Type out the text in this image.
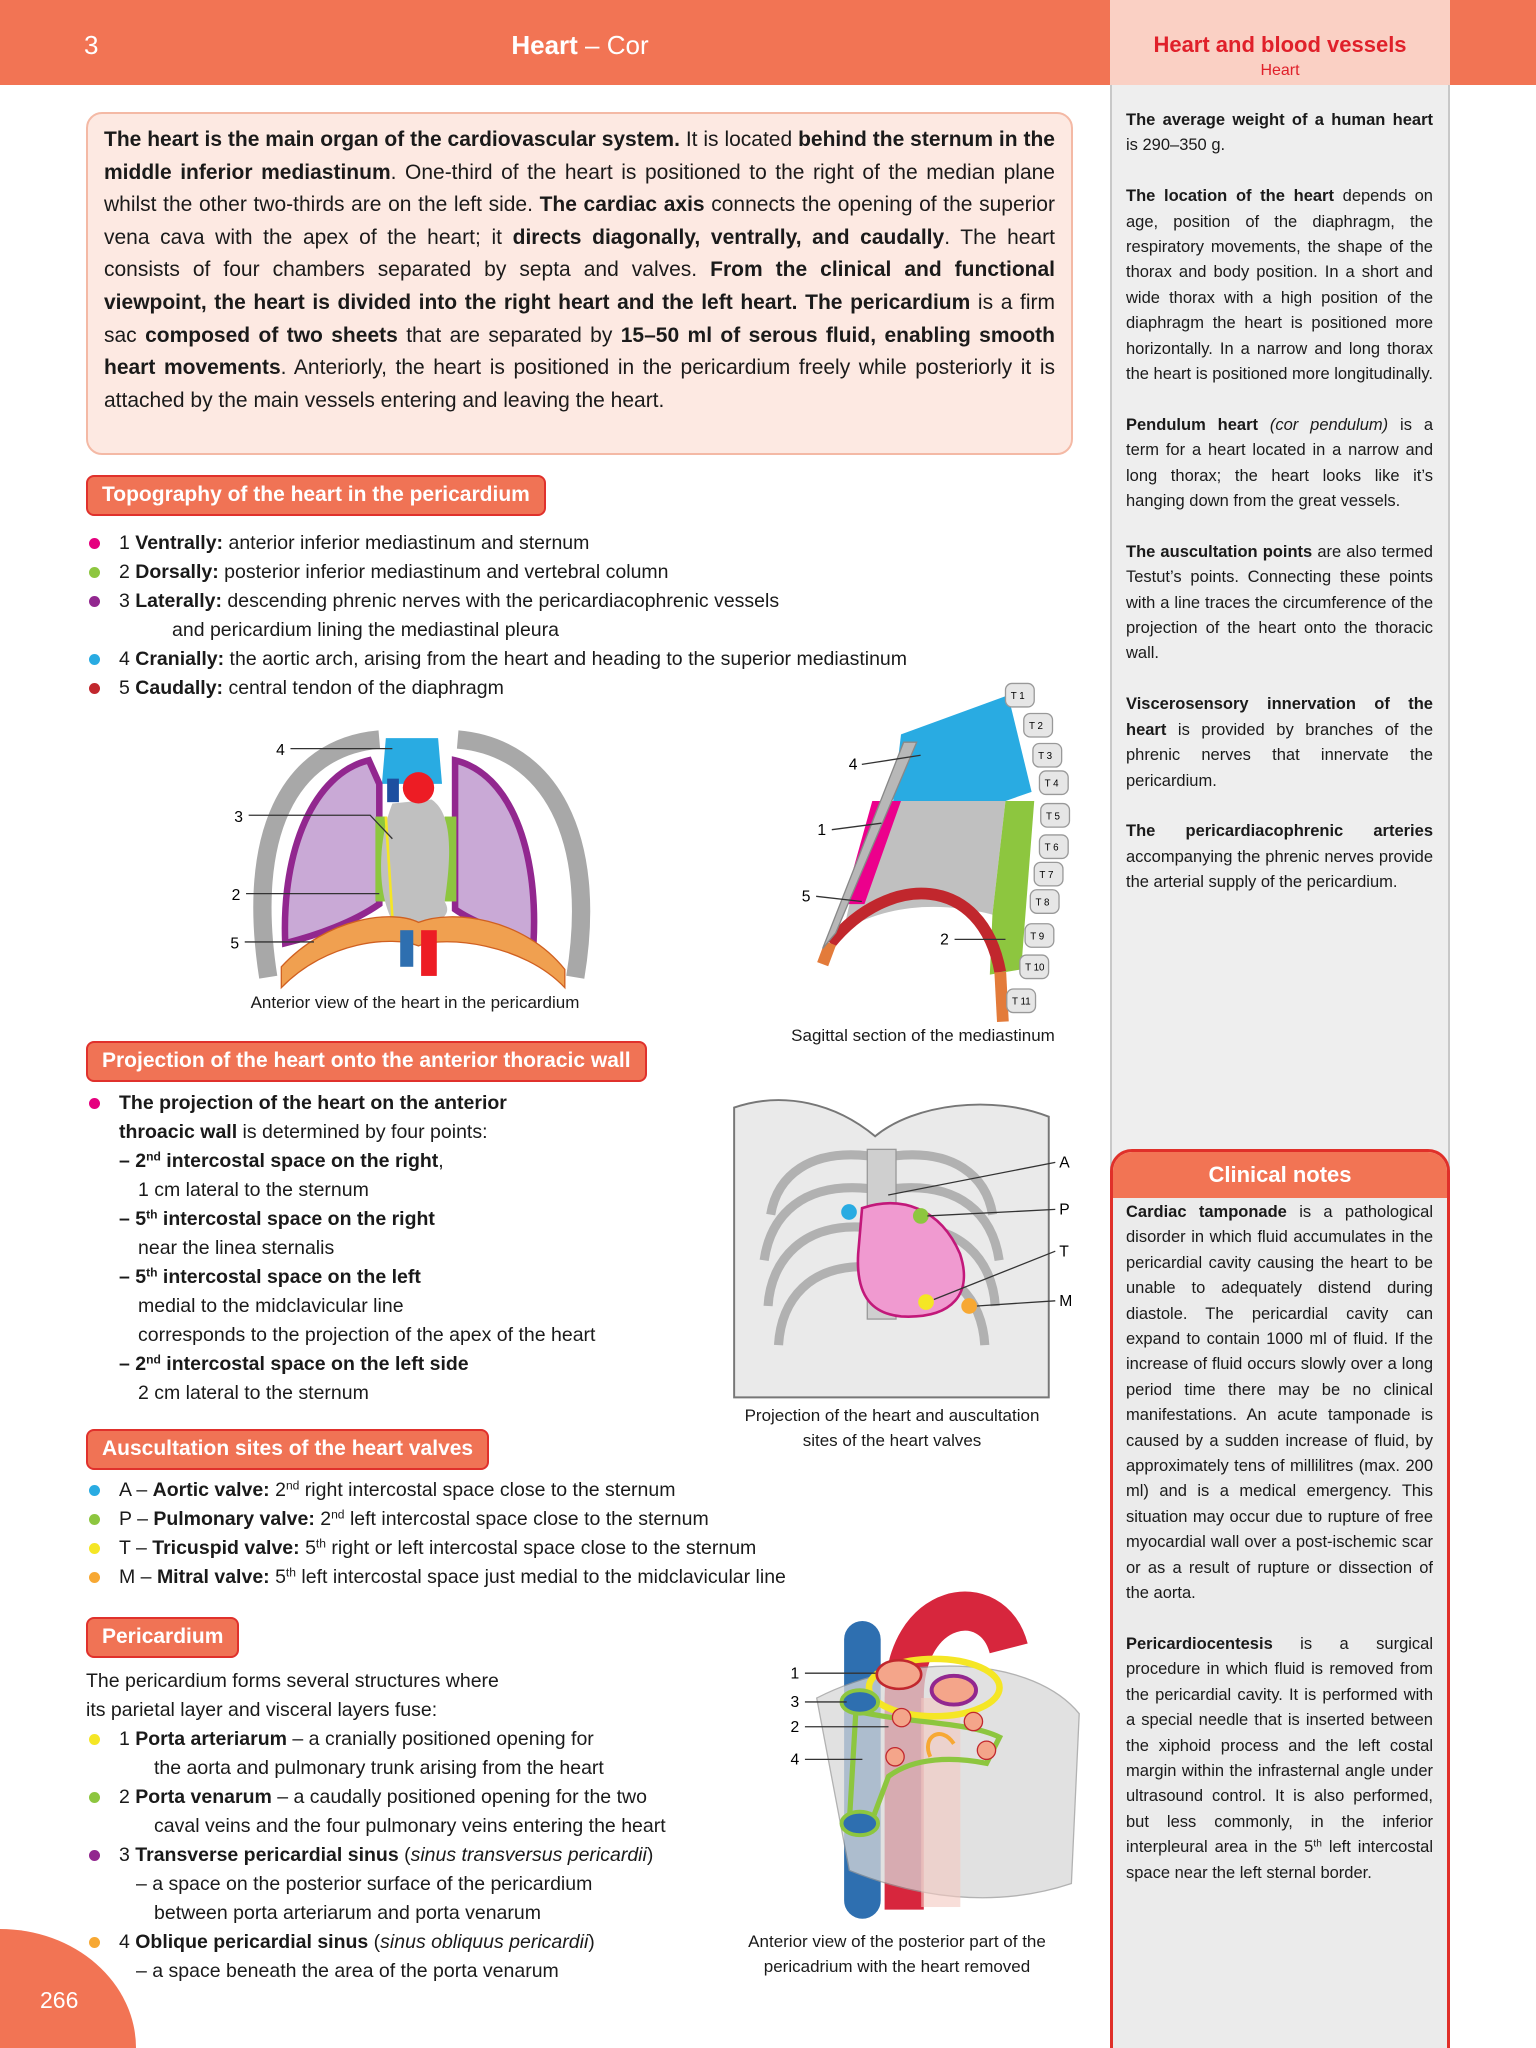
3	Heart – Cor	Heart and blood vessels
Heart

The average weight of a human heart is 290–350 g.

The location of the heart depends on age, position of the diaphragm, the respiratory movements, the shape of the thorax and body position. In a short and wide thorax with a high position of the diaphragm the heart is positioned more horizontally. In a narrow and long thorax the heart is positioned more longitudinally.

Pendulum heart (cor pendulum) is a term for a heart located in a narrow and long thorax; the heart looks like it’s hanging down from the great vessels.

The auscultation points are also termed Testut’s points. Connecting these points with a line traces the circumference of the projection of the heart onto the thoracic wall.

Viscerosensory innervation of the heart is provided by branches of the phrenic nerves that innervate the pericardium.

The pericardiacophrenic arteries accompanying the phrenic nerves provide the arterial supply of the pericardium.

Clinical notes

Cardiac tamponade is a pathological disorder in which fluid accumulates in the pericardial cavity causing the heart to be unable to adequately distend during diastole. The pericardial cavity can expand to contain 1000 ml of fluid. If the increase of fluid occurs slowly over a long period time there may be no clinical manifestations. An acute tamponade is caused by a sudden increase of fluid, by approximately tens of millilitres (max. 200 ml) and is a medical emergency. This situation may occur due to rupture of free myocardial wall over a post-ischemic scar or as a result of rupture or dissection of the aorta.

Pericardiocentesis is a surgical procedure in which fluid is removed from the pericardial cavity. It is performed with a special needle that is inserted between the xiphoid process and the left costal margin within the infrasternal angle under ultrasound control. It is also performed, but less commonly, in the inferior interpleural area in the 5th left intercostal space near the left sternal border.

The heart is the main organ of the cardiovascular system. It is located behind the sternum in the middle inferior mediastinum. One-third of the heart is positioned to the right of the median plane whilst the other two-thirds are on the left side. The cardiac axis connects the opening of the superior vena cava with the apex of the heart; it directs diagonally, ventrally, and caudally. The heart consists of four chambers separated by septa and valves. From the clinical and functional viewpoint, the heart is divided into the right heart and the left heart. The pericardium is a firm sac composed of two sheets that are separated by 15–50 ml of serous fluid, enabling smooth heart movements. Anteriorly, the heart is positioned in the pericardium freely while posteriorly it is attached by the main vessels entering and leaving the heart.
Topography of the heart in the pericardium
1 Ventrally: anterior inferior mediastinum and sternum
2 Dorsally: posterior inferior mediastinum and vertebral column
3 Laterally: descending phrenic nerves with the pericardiacophrenic vessels
and pericardium lining the mediastinal pleura
4 Cranially: the aortic arch, arising from the heart and heading to the superior mediastinum
5 Caudally: central tendon of the diaphragm
4
3
2
5
Anterior view of the heart in the pericardium
T 1
T 2
T 3
T 4
T 5
T 6
T 7
T 8
T 9
T 10
T 11
4
1
5
2
Sagittal section of the mediastinum
Projection of the heart onto the anterior thoracic wall
The projection of the heart on the anterior
throacic wall is determined by four points:
– 2nd intercostal space on the right,
1 cm lateral to the sternum
– 5th intercostal space on the right
near the linea sternalis
– 5th intercostal space on the left
medial to the midclavicular line
corresponds to the projection of the apex of the heart
– 2nd intercostal space on the left side
2 cm lateral to the sternum
A
P
T
M
Projection of the heart and auscultation
sites of the heart valves
Auscultation sites of the heart valves
A – Aortic valve: 2nd right intercostal space close to the sternum
P – Pulmonary valve: 2nd left intercostal space close to the sternum
T – Tricuspid valve: 5th right or left intercostal space close to the sternum
M – Mitral valve: 5th left intercostal space just medial to the midclavicular line
Pericardium
The pericardium forms several structures where
its parietal layer and visceral layers fuse:
1 Porta arteriarum – a cranially positioned opening for
the aorta and pulmonary trunk arising from the heart
2 Porta venarum – a caudally positioned opening for the two
caval veins and the four pulmonary veins entering the heart
3 Transverse pericardial sinus (sinus transversus pericardii)
– a space on the posterior surface of the pericardium
between porta arteriarum and porta venarum
4 Oblique pericardial sinus (sinus obliquus pericardii)
– a space beneath the area of the porta venarum
1
3
2
4
Anterior view of the posterior part of the
pericadrium with the heart removed
266
